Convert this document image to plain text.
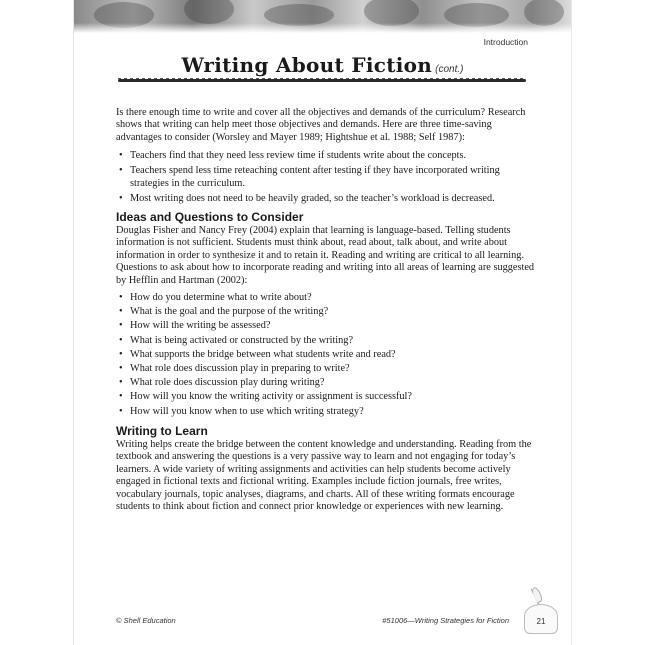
Introduction
Writing About Fiction (cont.)
Is there enough time to write and cover all the objectives and demands of the curriculum? Research shows that writing can help meet those objectives and demands. Here are three time-saving advantages to consider (Worsley and Mayer 1989; Hightshue et al. 1988; Self 1987):
• Teachers find that they need less review time if students write about the concepts.
• Teachers spend less time reteaching content after testing if they have incorporated writing strategies in the curriculum.
• Most writing does not need to be heavily graded, so the teacher’s workload is decreased.
Ideas and Questions to Consider
Douglas Fisher and Nancy Frey (2004) explain that learning is language-based. Telling students information is not sufficient. Students must think about, read about, talk about, and write about information in order to synthesize it and to retain it. Reading and writing are critical to all learning. Questions to ask about how to incorporate reading and writing into all areas of learning are suggested by Hefflin and Hartman (2002):
• How do you determine what to write about?
• What is the goal and the purpose of the writing?
• How will the writing be assessed?
• What is being activated or constructed by the writing?
• What supports the bridge between what students write and read?
• What role does discussion play in preparing to write?
• What role does discussion play during writing?
• How will you know the writing activity or assignment is successful?
• How will you know when to use which writing strategy?
Writing to Learn
Writing helps create the bridge between the content knowledge and understanding. Reading from the textbook and answering the questions is a very passive way to learn and not engaging for today’s learners. A wide variety of writing assignments and activities can help students become actively engaged in fictional texts and fictional writing. Examples include fiction journals, free writes, vocabulary journals, topic analyses, diagrams, and charts. All of these writing formats encourage students to think about fiction and connect prior knowledge or experiences with new learning.
© Shell Education	#51006—Writing Strategies for Fiction	21
